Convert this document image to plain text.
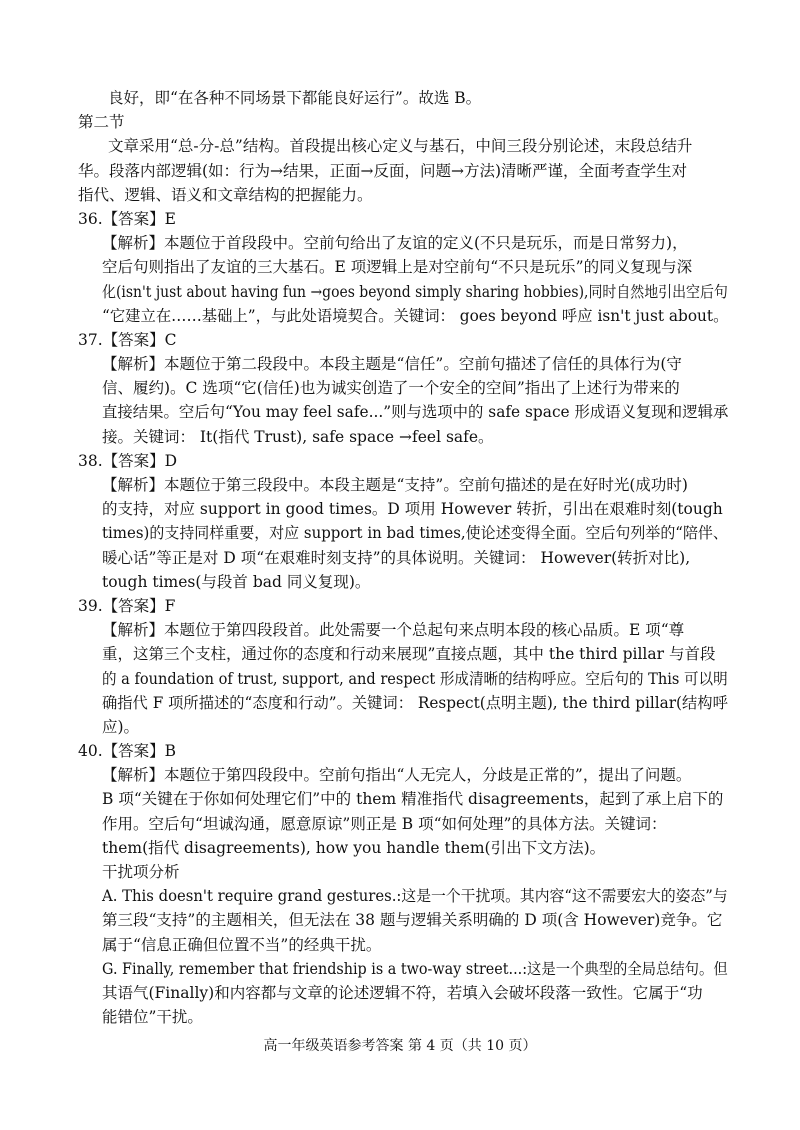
良好，即“在各种不同场景下都能良好运行”。故选 B。
第二节
文章采用“总-分-总”结构。首段提出核心定义与基石，中间三段分别论述，末段总结升
华。段落内部逻辑(如：行为→结果，正面→反面，问题→方法)清晰严谨，全面考查学生对
指代、逻辑、语义和文章结构的把握能力。
36.【答案】E
【解析】本题位于首段段中。空前句给出了友谊的定义(不只是玩乐，而是日常努力)，
空后句则指出了友谊的三大基石。E 项逻辑上是对空前句“不只是玩乐”的同义复现与深
化(isn't just about having fun →goes beyond simply sharing hobbies),同时自然地引出空后句
“它建立在……基础上”，与此处语境契合。关键词： goes beyond 呼应 isn't just about。
37.【答案】C
【解析】本题位于第二段段中。本段主题是“信任”。空前句描述了信任的具体行为(守
信、履约)。C 选项“它(信任)也为诚实创造了一个安全的空间”指出了上述行为带来的
直接结果。空后句“You may feel safe...”则与选项中的 safe space 形成语义复现和逻辑承
接。关键词： It(指代 Trust), safe space →feel safe。
38.【答案】D
【解析】本题位于第三段段中。本段主题是“支持”。空前句描述的是在好时光(成功时)
的支持，对应 support in good times。D 项用 However 转折，引出在艰难时刻(tough
times)的支持同样重要，对应 support in bad times,使论述变得全面。空后句列举的“陪伴、
暖心话”等正是对 D 项“在艰难时刻支持”的具体说明。关键词： However(转折对比),
tough times(与段首 bad 同义复现)。
39.【答案】F
【解析】本题位于第四段段首。此处需要一个总起句来点明本段的核心品质。E 项“尊
重，这第三个支柱，通过你的态度和行动来展现”直接点题，其中 the third pillar 与首段
的 a foundation of trust, support, and respect 形成清晰的结构呼应。空后句的 This 可以明
确指代 F 项所描述的“态度和行动”。关键词： Respect(点明主题), the third pillar(结构呼
应)。
40.【答案】B
【解析】本题位于第四段段中。空前句指出“人无完人，分歧是正常的”，提出了问题。
B 项“关键在于你如何处理它们”中的 them 精准指代 disagreements，起到了承上启下的
作用。空后句“坦诚沟通，愿意原谅”则正是 B 项“如何处理”的具体方法。关键词：
them(指代 disagreements), how you handle them(引出下文方法)。
干扰项分析
A. This doesn't require grand gestures.:这是一个干扰项。其内容“这不需要宏大的姿态”与
第三段“支持”的主题相关，但无法在 38 题与逻辑关系明确的 D 项(含 However)竞争。它
属于“信息正确但位置不当”的经典干扰。
G. Finally, remember that friendship is a two-way street...:这是一个典型的全局总结句。但
其语气(Finally)和内容都与文章的论述逻辑不符，若填入会破坏段落一致性。它属于“功
能错位”干扰。
高一年级英语参考答案 第 4 页（共 10 页）
